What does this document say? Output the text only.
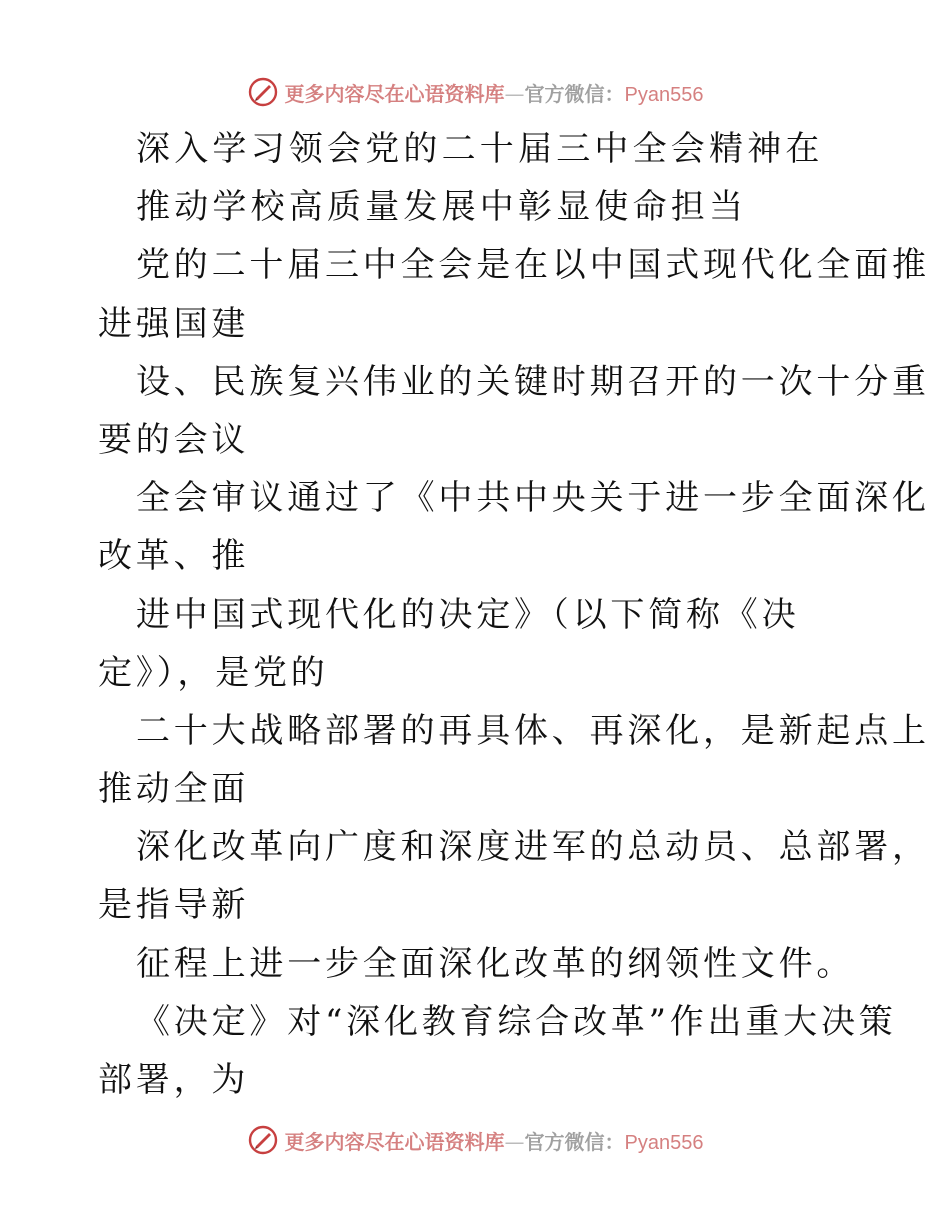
更多内容尽在心语资料库—官方微信：Pyan556
深入学习领会党的二十届三中全会精神在
推动学校高质量发展中彰显使命担当
党的二十届三中全会是在以中国式现代化全面推
进强国建
设、民族复兴伟业的关键时期召开的一次十分重
要的会议
全会审议通过了《中共中央关于进一步全面深化
改革、推
进中国式现代化的决定》（以下简称《决
定》），是党的
二十大战略部署的再具体、再深化，是新起点上
推动全面
深化改革向广度和深度进军的总动员、总部署，
是指导新
征程上进一步全面深化改革的纲领性文件。
《决定》对“深化教育综合改革”作出重大决策
部署，为
更多内容尽在心语资料库—官方微信：Pyan556
